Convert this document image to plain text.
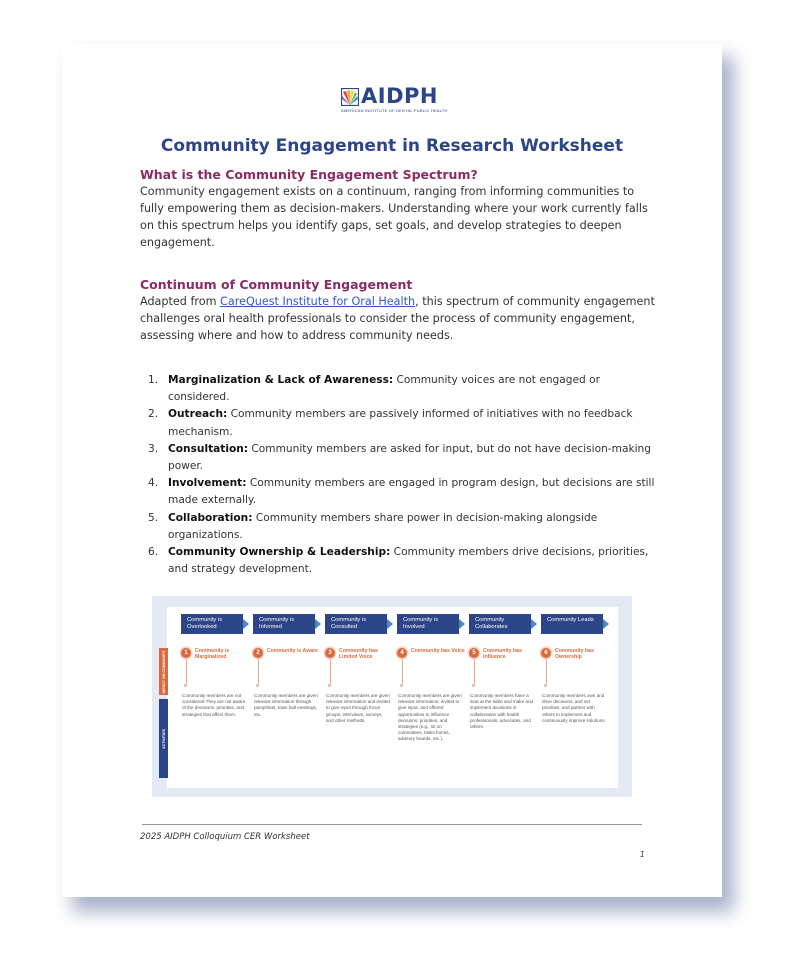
AIDPH
AMERICAN INSTITUTE OF DENTAL PUBLIC HEALTH
Community Engagement in Research Worksheet
What is the Community Engagement Spectrum?
Community engagement exists on a continuum, ranging from informing communities to fully empowering them as decision-makers. Understanding where your work currently falls on this spectrum helps you identify gaps, set goals, and develop strategies to deepen engagement.
Continuum of Community Engagement
Adapted from CareQuest Institute for Oral Health, this spectrum of community engagement challenges oral health professionals to consider the process of community engagement, assessing where and how to address community needs.
1. Marginalization & Lack of Awareness: Community voices are not engaged or considered.
2. Outreach: Community members are passively informed of initiatives with no feedback mechanism.
3. Consultation: Community members are asked for input, but do not have decision-making power.
4. Involvement: Community members are engaged in program design, but decisions are still made externally.
5. Collaboration: Community members share power in decision-making alongside organizations.
6. Community Ownership & Leadership: Community members drive decisions, priorities, and strategy development.
IMPACT ON COMMUNITY
ACTIVITIES
Community is Overlooked
1	Community is Marginalized
Community members are not considered They are not aware of the decisions, priorities, and strategies that affect them.
Community is Informed
2	Community is Aware
Community members are given relevant information through pamphlets, town hall meetings, etc.
Community is Consulted
3	Community has Limited Voice
Community members are given relevant information and invited to give input through focus groups, interviews, surveys, and other methods.
Community is Involved
4	Community has Voice
Community members are given relevant information, invited to give input, and offered opportunities to influence decisions, priorities, and strategies (e.g., sit on committees, tasks forces, advisory boards, etc.).
Community Collaborates
5	Community has Influence
Community members have a seat at the table and make and implement decisions in collaboration with health professionals, advocates, and others.
Community Leads
6	Community has Ownership
Community members own and drive decisions, and set priorities, and partner with others to implement and, continuously improve solutions.
2025 AIDPH Colloquium CER Worksheet
1
